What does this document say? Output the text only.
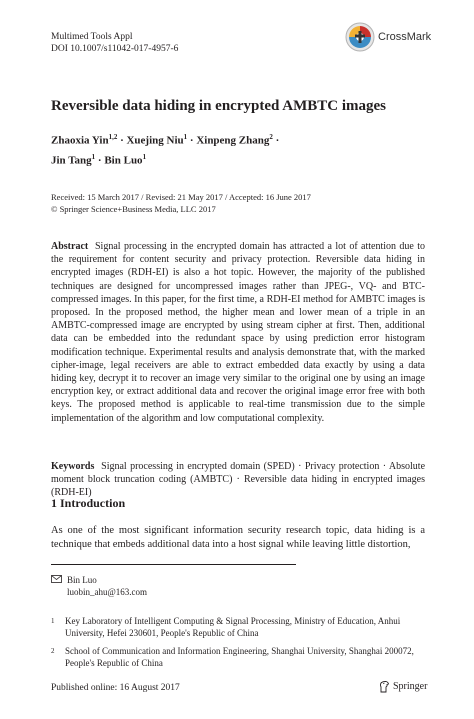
Multimed Tools Appl
DOI 10.1007/s11042-017-4957-6
CrossMark
Reversible data hiding in encrypted AMBTC images
Zhaoxia Yin$^{1,2}$ · Xuejing Niu$^1$ · Xinpeng Zhang$^2$ ·
Jin Tang$^1$ · Bin Luo$^1$
Received: 15 March 2017 / Revised: 21 May 2017 / Accepted: 16 June 2017
© Springer Science+Business Media, LLC 2017

Abstract Signal processing in the encrypted domain has attracted a lot of attention due to the requirement for content security and privacy protection. Reversible data hiding in encrypted images (RDH-EI) is also a hot topic. However, the majority of the published techniques are designed for uncompressed images rather than JPEG-, VQ- and BTC-compressed images. In this paper, for the first time, a RDH-EI method for AMBTC images is proposed. In the proposed method, the higher mean and lower mean of a triple in an AMBTC-compressed image are encrypted by using stream cipher at first. Then, additional data can be embedded into the redundant space by using prediction error histogram modification technique. Experimental results and analysis demonstrate that, with the marked cipher-image, legal receivers are able to extract embedded data exactly by using a data hiding key, decrypt it to recover an image very similar to the original one by using an image encryption key, or extract additional data and recover the original image error free with both keys. The proposed method is applicable to real-time transmission due to the simple implementation of the algorithm and low computational complexity.

Keywords Signal processing in encrypted domain (SPED) · Privacy protection · Absolute moment block truncation coding (AMBTC) · Reversible data hiding in encrypted images (RDH-EI)

1 Introduction

As one of the most significant information security research topic, data hiding is a technique that embeds additional data into a host signal while leaving little distortion,

Bin Luo
luobin_ahu@163.com
1 Key Laboratory of Intelligent Computing & Signal Processing, Ministry of Education, Anhui University, Hefei 230601, People's Republic of China
2 School of Communication and Information Engineering, Shanghai University, Shanghai 200072, People's Republic of China
Published online: 16 August 2017	Springer
